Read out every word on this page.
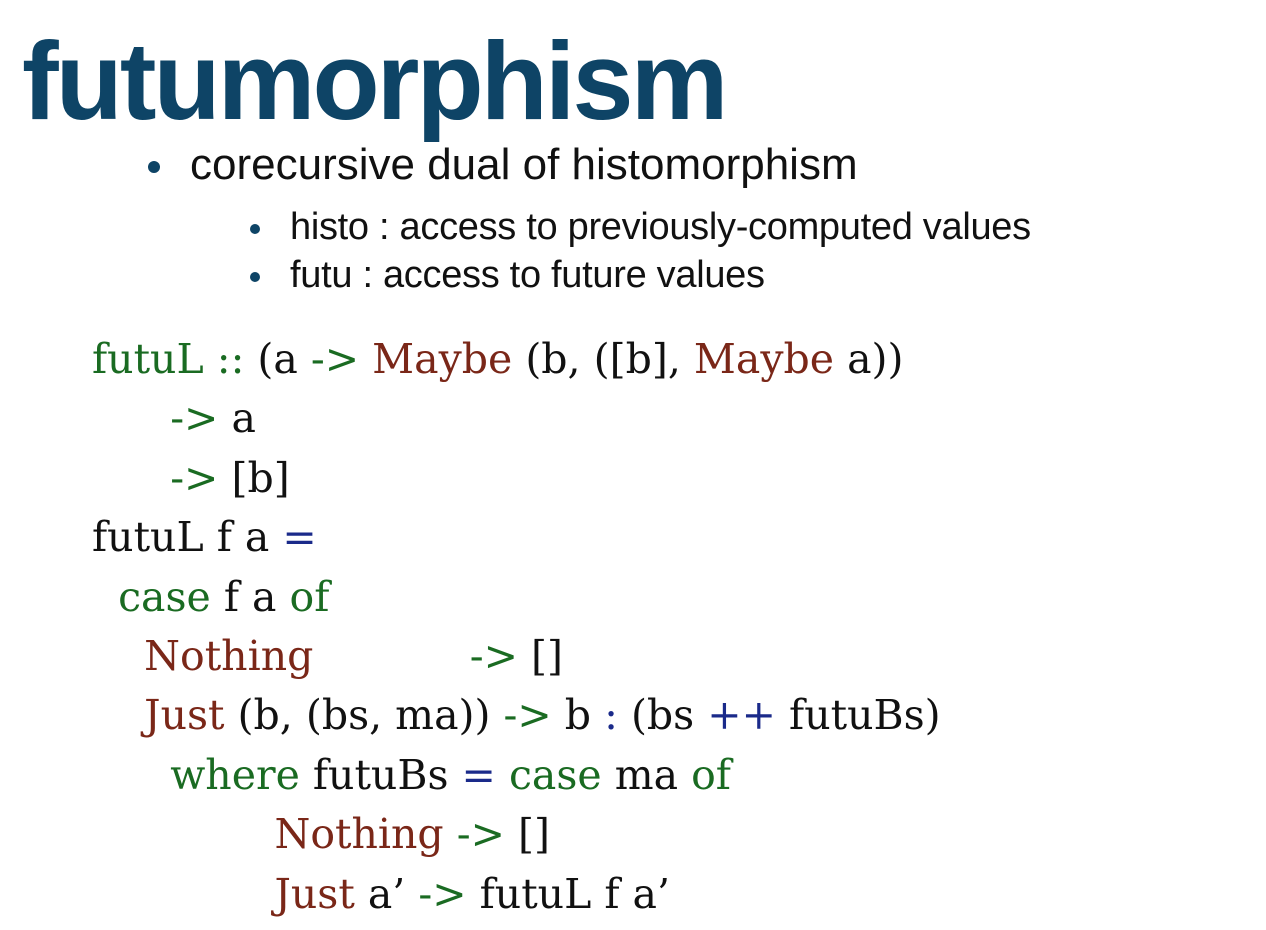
futumorphism
corecursive dual of histomorphism
histo : access to previously-computed values
futu : access to future values
futuL :: (a -> Maybe (b, ([b], Maybe a))
-> a
-> [b]
futuL f a =
case f a of
Nothing	-> []
Just (b, (bs, ma)) -> b : (bs ++ futuBs)
where futuBs = case ma of
Nothing -> []
Just a’ -> futuL f a’
